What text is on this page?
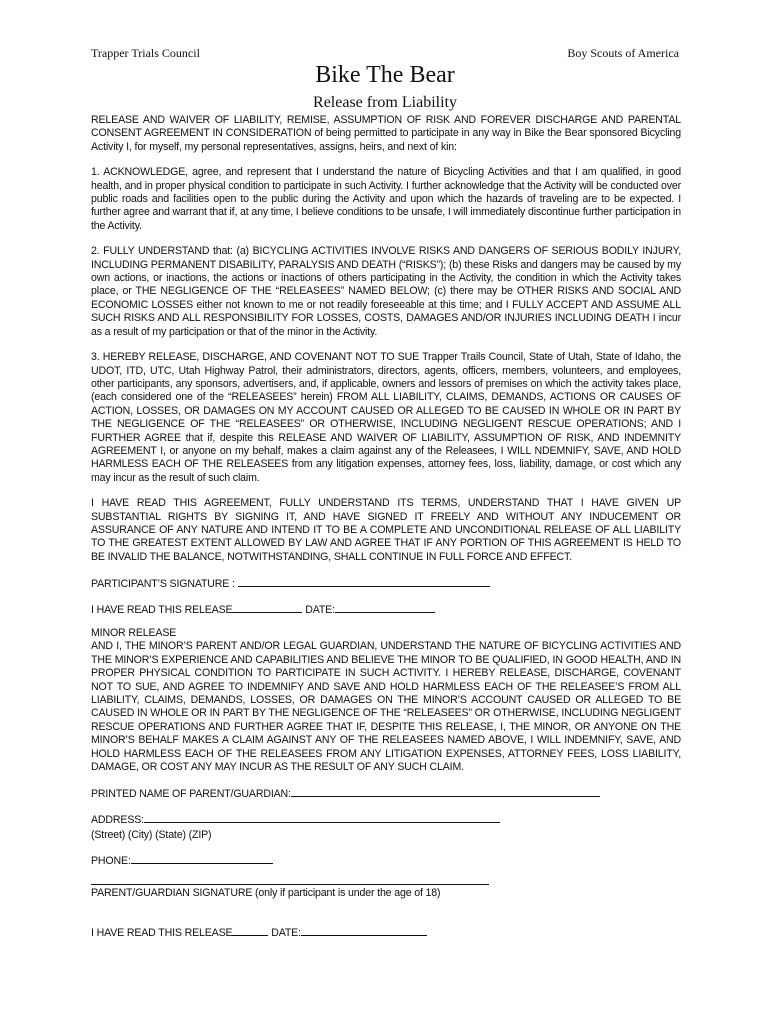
Trapper Trials Council	Boy Scouts of America
Bike The Bear
Release from Liability

RELEASE AND WAIVER OF LIABILITY, REMISE, ASSUMPTION OF RISK AND FOREVER DISCHARGE AND PARENTAL CONSENT AGREEMENT IN CONSIDERATION of being permitted to participate in any way in Bike the Bear sponsored Bicycling Activity I, for myself, my personal representatives, assigns, heirs, and next of kin:

1. ACKNOWLEDGE, agree, and represent that I understand the nature of Bicycling Activities and that I am qualified, in good health, and in proper physical condition to participate in such Activity. I further acknowledge that the Activity will be conducted over public roads and facilities open to the public during the Activity and upon which the hazards of traveling are to be expected. I further agree and warrant that if, at any time, I believe conditions to be unsafe, I will immediately discontinue further participation in the Activity.

2. FULLY UNDERSTAND that: (a) BICYCLING ACTIVITIES INVOLVE RISKS AND DANGERS OF SERIOUS BODILY INJURY, INCLUDING PERMANENT DISABILITY, PARALYSIS AND DEATH (“RISKS”); (b) these Risks and dangers may be caused by my own actions, or inactions, the actions or inactions of others participating in the Activity, the condition in which the Activity takes place, or THE NEGLIGENCE OF THE “RELEASEES” NAMED BELOW; (c) there may be OTHER RISKS AND SOCIAL AND ECONOMIC LOSSES either not known to me or not readily foreseeable at this time; and I FULLY ACCEPT AND ASSUME ALL SUCH RISKS AND ALL RESPONSIBILITY FOR LOSSES, COSTS, DAMAGES AND/OR INJURIES INCLUDING DEATH I incur as a result of my participation or that of the minor in the Activity.

3. HEREBY RELEASE, DISCHARGE, AND COVENANT NOT TO SUE Trapper Trails Council, State of Utah, State of Idaho, the UDOT, ITD, UTC, Utah Highway Patrol, their administrators, directors, agents, officers, members, volunteers, and employees, other participants, any sponsors, advertisers, and, if applicable, owners and lessors of premises on which the activity takes place, (each considered one of the “RELEASEES” herein) FROM ALL LIABILITY, CLAIMS, DEMANDS, ACTIONS OR CAUSES OF ACTION, LOSSES, OR DAMAGES ON MY ACCOUNT CAUSED OR ALLEGED TO BE CAUSED IN WHOLE OR IN PART BY THE NEGLIGENCE OF THE “RELEASEES” OR OTHERWISE, INCLUDING NEGLIGENT RESCUE OPERATIONS; AND I FURTHER AGREE that if, despite this RELEASE AND WAIVER OF LIABILITY, ASSUMPTION OF RISK, AND INDEMNITY AGREEMENT I, or anyone on my behalf, makes a claim against any of the Releasees, I WILL NDEMNIFY, SAVE, AND HOLD HARMLESS EACH OF THE RELEASEES from any litigation expenses, attorney fees, loss, liability, damage, or cost which any may incur as the result of such claim.

I HAVE READ THIS AGREEMENT, FULLY UNDERSTAND ITS TERMS, UNDERSTAND THAT I HAVE GIVEN UP SUBSTANTIAL RIGHTS BY SIGNING IT, AND HAVE SIGNED IT FREELY AND WITHOUT ANY INDUCEMENT OR ASSURANCE OF ANY NATURE AND INTEND IT TO BE A COMPLETE AND UNCONDITIONAL RELEASE OF ALL LIABILITY TO THE GREATEST EXTENT ALLOWED BY LAW AND AGREE THAT IF ANY PORTION OF THIS AGREEMENT IS HELD TO BE INVALID THE BALANCE, NOTWITHSTANDING, SHALL CONTINUE IN FULL FORCE AND EFFECT.

PARTICIPANT’S SIGNATURE :
I HAVE READ THIS RELEASE	DATE:
MINOR RELEASE

AND I, THE MINOR’S PARENT AND/OR LEGAL GUARDIAN, UNDERSTAND THE NATURE OF BICYCLING ACTIVITIES AND THE MINOR’S EXPERIENCE AND CAPABILITIES AND BELIEVE THE MINOR TO BE QUALIFIED, IN GOOD HEALTH, AND IN PROPER PHYSICAL CONDITION TO PARTICIPATE IN SUCH ACTIVITY. I HEREBY RELEASE, DISCHARGE, COVENANT NOT TO SUE, AND AGREE TO INDEMNIFY AND SAVE AND HOLD HARMLESS EACH OF THE RELEASEE’S FROM ALL LIABILITY, CLAIMS, DEMANDS, LOSSES, OR DAMAGES ON THE MINOR’S ACCOUNT CAUSED OR ALLEGED TO BE CAUSED IN WHOLE OR IN PART BY THE NEGLIGENCE OF THE “RELEASEES” OR OTHERWISE, INCLUDING NEGLIGENT RESCUE OPERATIONS AND FURTHER AGREE THAT IF, DESPITE THIS RELEASE, I, THE MINOR, OR ANYONE ON THE MINOR’S BEHALF MAKES A CLAIM AGAINST ANY OF THE RELEASEES NAMED ABOVE, I WILL INDEMNIFY, SAVE, AND HOLD HARMLESS EACH OF THE RELEASEES FROM ANY LITIGATION EXPENSES, ATTORNEY FEES, LOSS LIABILITY, DAMAGE, OR COST ANY MAY INCUR AS THE RESULT OF ANY SUCH CLAIM.

PRINTED NAME OF PARENT/GUARDIAN:
ADDRESS:
(Street) (City) (State) (ZIP)
PHONE:
PARENT/GUARDIAN SIGNATURE (only if participant is under the age of 18)
I HAVE READ THIS RELEASE	DATE:
